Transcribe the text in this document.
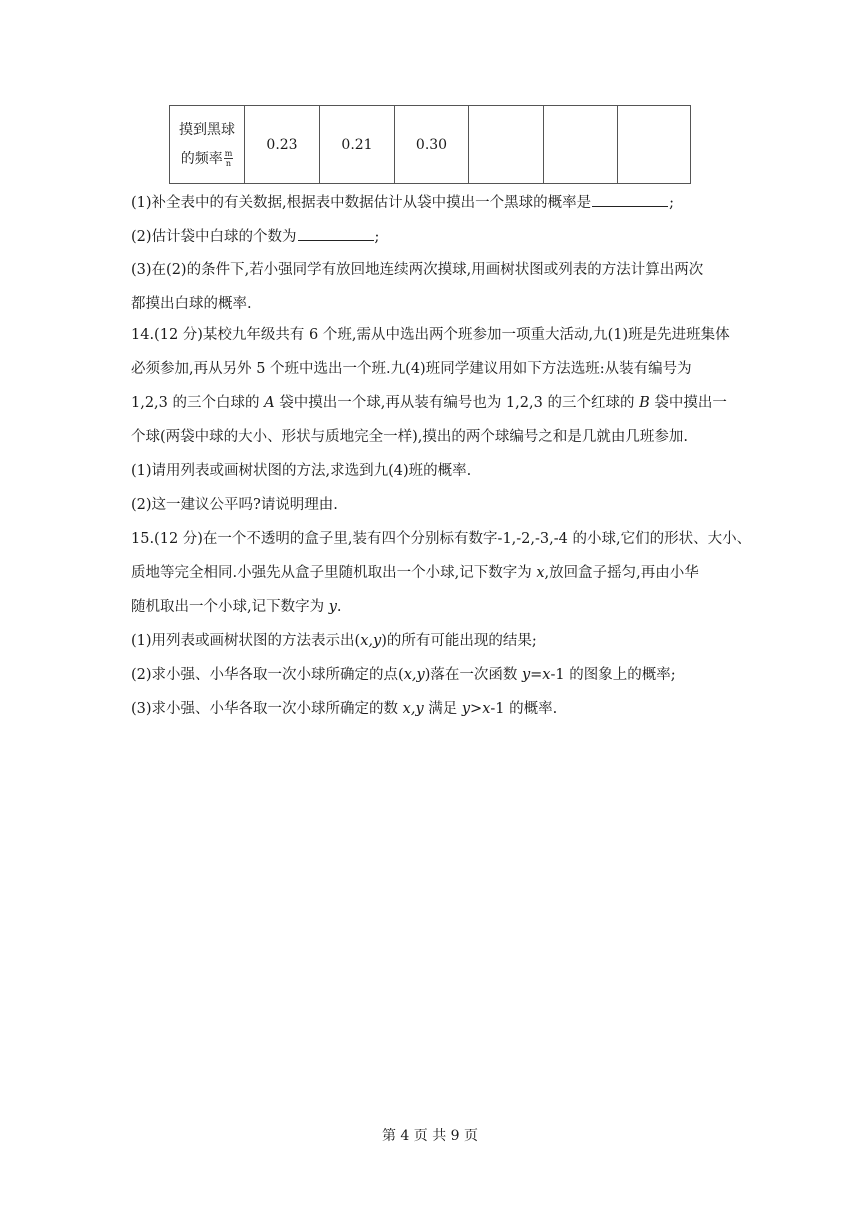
摸到黑球
的频率 $\frac{m}{n}$
	0.23	0.21	0.30			
(1)补全表中的有关数据,根据表中数据估计从袋中摸出一个黑球的概率是	;
(2)估计袋中白球的个数为	;
(3)在(2)的条件下,若小强同学有放回地连续两次摸球,用画树状图或列表的方法计算出两次
都摸出白球的概率.
14.(12 分)某校九年级共有 6 个班,需从中选出两个班参加一项重大活动,九(1)班是先进班集体
必须参加,再从另外 5 个班中选出一个班.九(4)班同学建议用如下方法选班:从装有编号为
1,2,3 的三个白球的 A 袋中摸出一个球,再从装有编号也为 1,2,3 的三个红球的 B 袋中摸出一
个球(两袋中球的大小、形状与质地完全一样),摸出的两个球编号之和是几就由几班参加.
(1)请用列表或画树状图的方法,求选到九(4)班的概率.
(2)这一建议公平吗?请说明理由.
15.(12 分)在一个不透明的盒子里,装有四个分别标有数字-1,-2,-3,-4 的小球,它们的形状、大小、
质地等完全相同.小强先从盒子里随机取出一个小球,记下数字为 x,放回盒子摇匀,再由小华
随机取出一个小球,记下数字为 y.
(1)用列表或画树状图的方法表示出(x,y)的所有可能出现的结果;
(2)求小强、小华各取一次小球所确定的点(x,y)落在一次函数 y=x-1 的图象上的概率;
(3)求小强、小华各取一次小球所确定的数 x,y 满足 y>x-1 的概率.
第 4 页 共 9 页
